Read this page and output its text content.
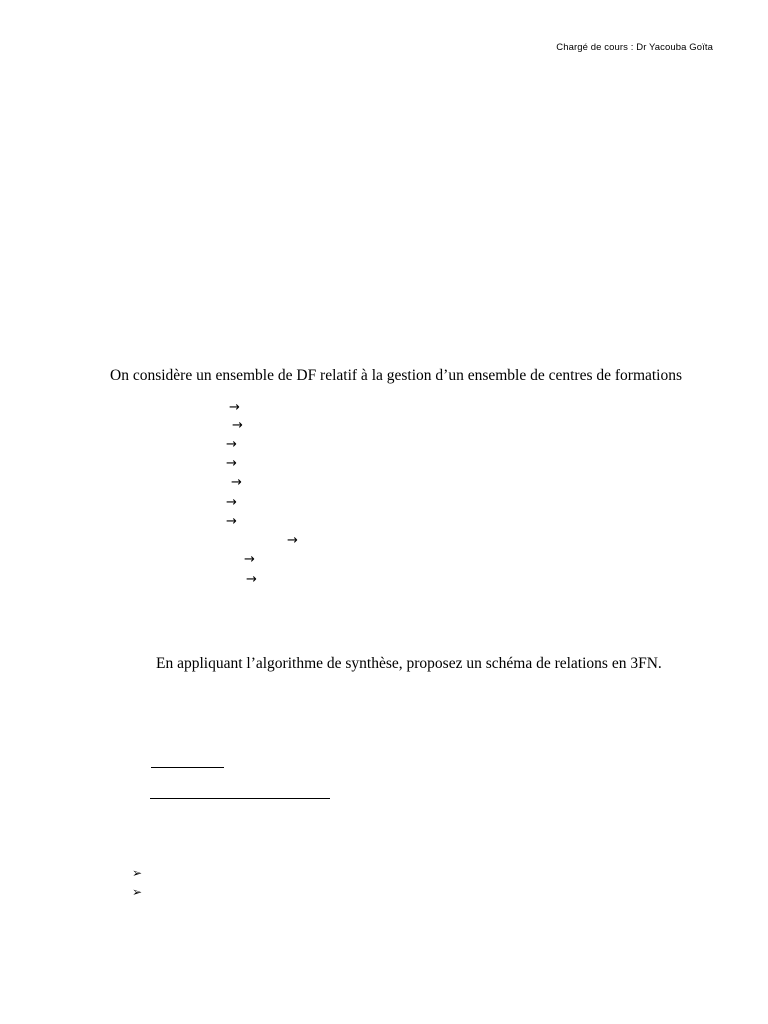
Chargé de cours : Dr Yacouba Goïta
On considère un ensemble de DF relatif à la gestion d’un ensemble de centres de formations
→
→
→
→
→
→
→
→
→
→
En appliquant l’algorithme de synthèse, proposez un schéma de relations en 3FN.
➢
➢
